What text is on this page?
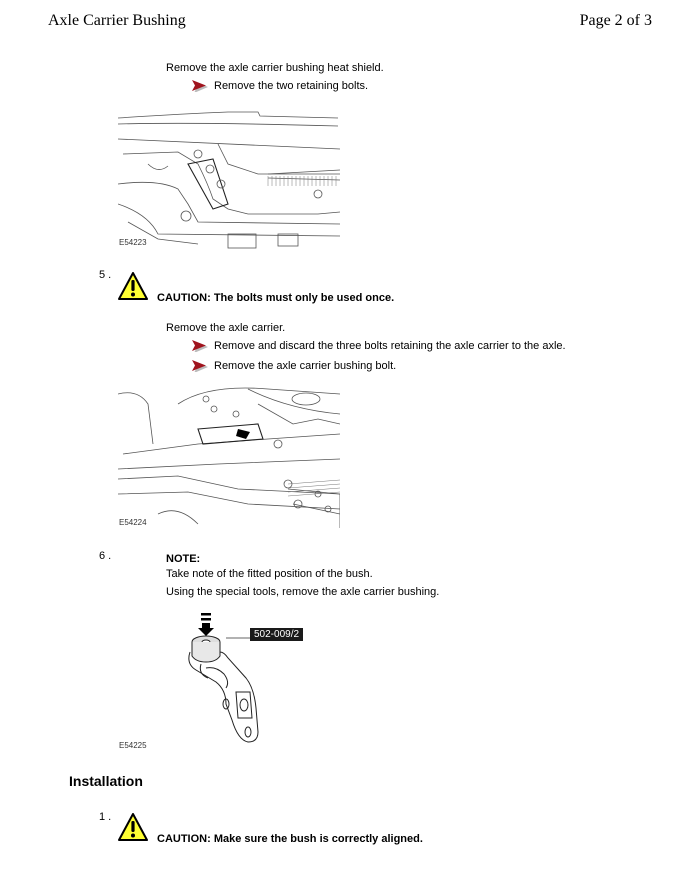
Axle Carrier Bushing	Page 2 of 3
Remove the axle carrier bushing heat shield.
Remove the two retaining bolts.
E54223
5 .
CAUTION: The bolts must only be used once.
Remove the axle carrier.
Remove and discard the three bolts retaining the axle carrier to the axle.
Remove the axle carrier bushing bolt.
E54224
6 .	NOTE:
Take note of the fitted position of the bush.
Using the special tools, remove the axle carrier bushing.
502-009/2
E54225
Installation
1 .
CAUTION: Make sure the bush is correctly aligned.
